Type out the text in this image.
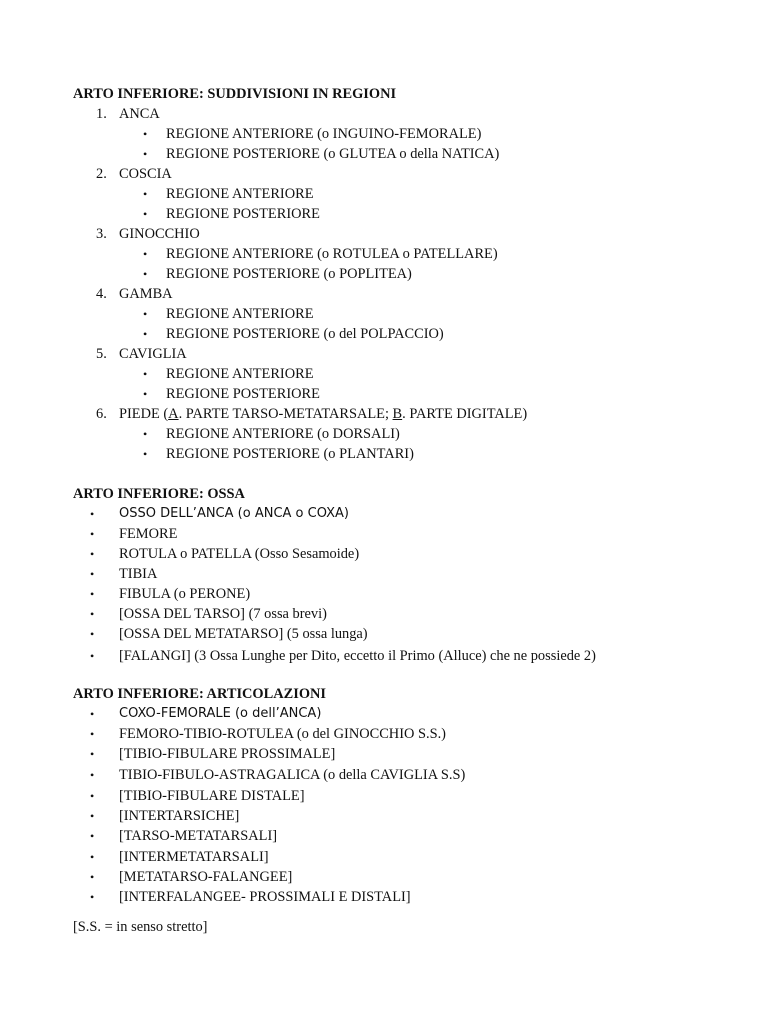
ARTO INFERIORE: SUDDIVISIONI IN REGIONI
1. ANCA
• REGIONE ANTERIORE (o INGUINO-FEMORALE)
• REGIONE POSTERIORE (o GLUTEA o della NATICA)
2. COSCIA
• REGIONE ANTERIORE
• REGIONE POSTERIORE
3. GINOCCHIO
• REGIONE ANTERIORE (o ROTULEA o PATELLARE)
• REGIONE POSTERIORE (o POPLITEA)
4. GAMBA
• REGIONE ANTERIORE
• REGIONE POSTERIORE (o del POLPACCIO)
5. CAVIGLIA
• REGIONE ANTERIORE
• REGIONE POSTERIORE
6. PIEDE (A. PARTE TARSO-METATARSALE; B. PARTE DIGITALE)
• REGIONE ANTERIORE (o DORSALI)
• REGIONE POSTERIORE (o PLANTARI)
ARTO INFERIORE: OSSA
• OSSO DELL’ANCA (o ANCA o COXA)
• FEMORE
• ROTULA o PATELLA (Osso Sesamoide)
• TIBIA
• FIBULA (o PERONE)
• [OSSA DEL TARSO] (7 ossa brevi)
• [OSSA DEL METATARSO] (5 ossa lunga)
• [FALANGI] (3 Ossa Lunghe per Dito, eccetto il Primo (Alluce) che ne possiede 2)
ARTO INFERIORE: ARTICOLAZIONI
• COXO-FEMORALE (o dell’ANCA)
• FEMORO-TIBIO-ROTULEA (o del GINOCCHIO S.S.)
• [TIBIO-FIBULARE PROSSIMALE]
• TIBIO-FIBULO-ASTRAGALICA (o della CAVIGLIA S.S)
• [TIBIO-FIBULARE DISTALE]
• [INTERTARSICHE]
• [TARSO-METATARSALI]
• [INTERMETATARSALI]
• [METATARSO-FALANGEE]
• [INTERFALANGEE- PROSSIMALI E DISTALI]
[S.S. = in senso stretto]
